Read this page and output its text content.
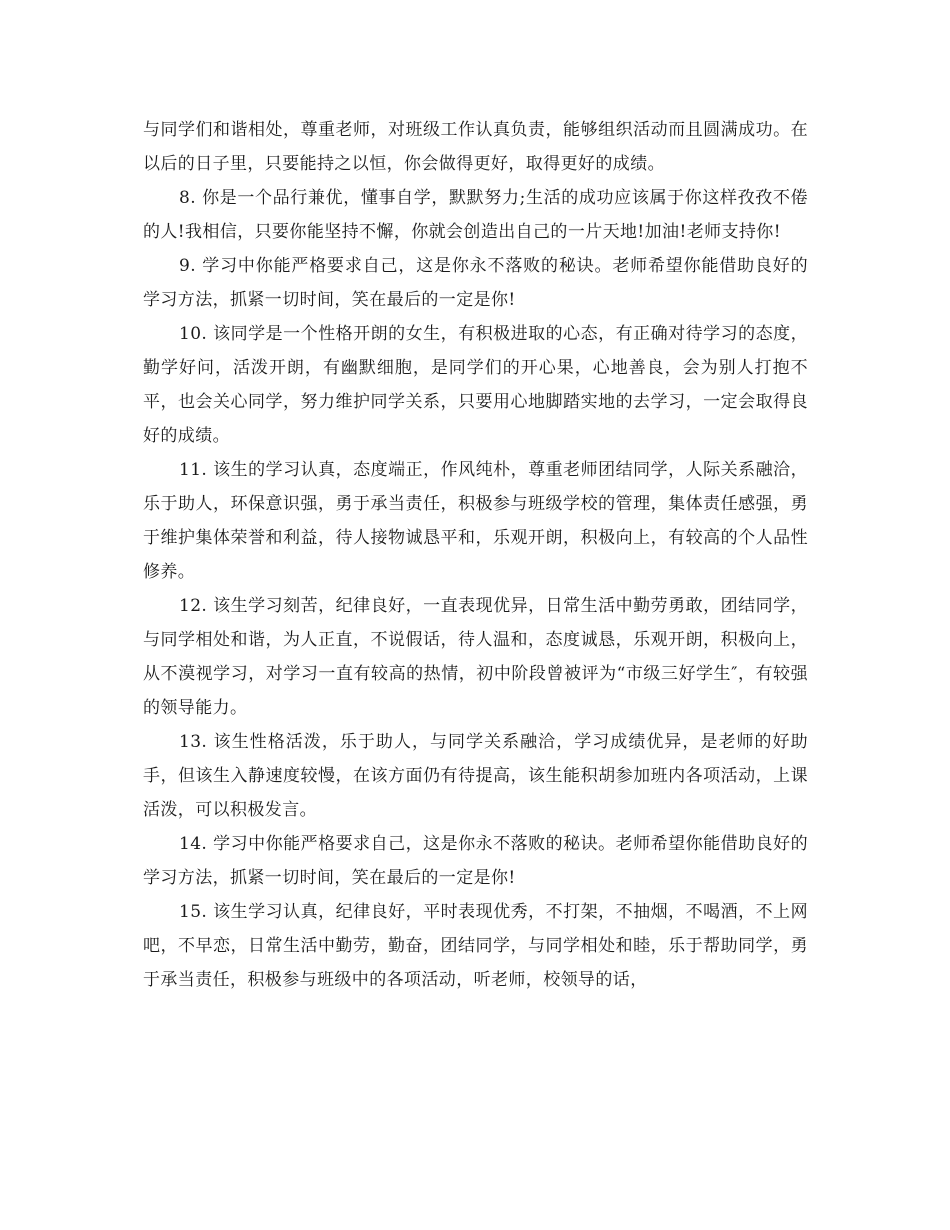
与同学们和谐相处，尊重老师，对班级工作认真负责，能够组织活动而且圆满成功。在以后的日子里，只要能持之以恒，你会做得更好，取得更好的成绩。

8. 你是一个品行兼优，懂事自学，默默努力;生活的成功应该属于你这样孜孜不倦的人!我相信，只要你能坚持不懈，你就会创造出自己的一片天地!加油!老师支持你!

9. 学习中你能严格要求自己，这是你永不落败的秘诀。老师希望你能借助良好的学习方法，抓紧一切时间，笑在最后的一定是你!

10. 该同学是一个性格开朗的女生，有积极进取的心态，有正确对待学习的态度，勤学好问，活泼开朗，有幽默细胞，是同学们的开心果，心地善良，会为别人打抱不平，也会关心同学，努力维护同学关系，只要用心地脚踏实地的去学习，一定会取得良好的成绩。

11. 该生的学习认真，态度端正，作风纯朴，尊重老师团结同学，人际关系融洽，乐于助人，环保意识强，勇于承当责任，积极参与班级学校的管理，集体责任感强，勇于维护集体荣誉和利益，待人接物诚恳平和，乐观开朗，积极向上，有较高的个人品性修养。

12. 该生学习刻苦，纪律良好，一直表现优异，日常生活中勤劳勇敢，团结同学，与同学相处和谐，为人正直，不说假话，待人温和，态度诚恳，乐观开朗，积极向上，从不漠视学习，对学习一直有较高的热情，初中阶段曾被评为“市级三好学生″，有较强的领导能力。

13. 该生性格活泼，乐于助人，与同学关系融洽，学习成绩优异，是老师的好助手，但该生入静速度较慢，在该方面仍有待提高，该生能积胡参加班内各项活动，上课活泼，可以积极发言。

14. 学习中你能严格要求自己，这是你永不落败的秘诀。老师希望你能借助良好的学习方法，抓紧一切时间，笑在最后的一定是你!

15. 该生学习认真，纪律良好，平时表现优秀，不打架，不抽烟，不喝酒，不上网吧，不早恋，日常生活中勤劳，勤奋，团结同学，与同学相处和睦，乐于帮助同学，勇于承当责任，积极参与班级中的各项活动，听老师，校领导的话，
